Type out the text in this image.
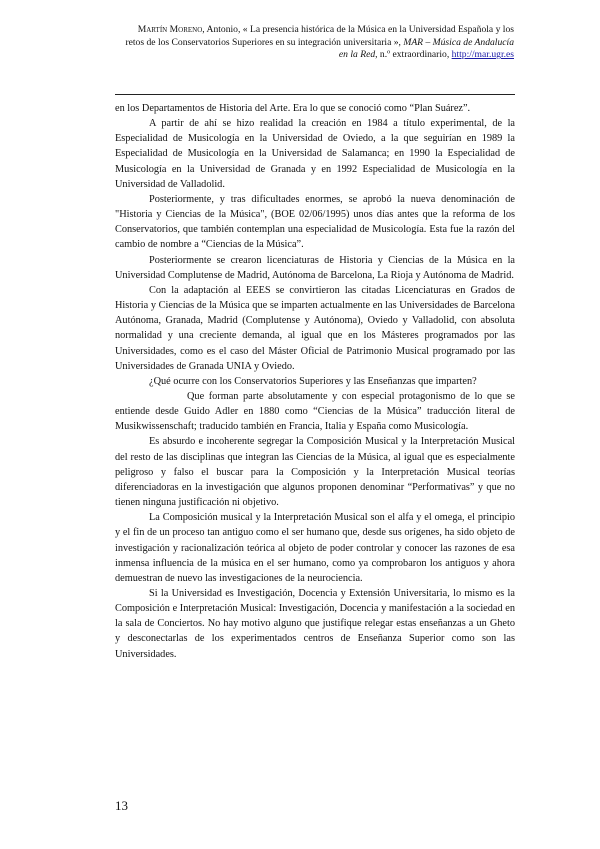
Martín Moreno, Antonio, « La presencia histórica de la Música en la Universidad Española y los retos de los Conservatorios Superiores en su integración universitaria », MAR – Música de Andalucía en la Red, n.º extraordinario, http://mar.ugr.es

en los Departamentos de Historia del Arte. Era lo que se conoció como “Plan Suárez”.

A partir de ahí se hizo realidad la creación en 1984 a título experimental, de la Especialidad de Musicología en la Universidad de Oviedo, a la que seguirían en 1989 la Especialidad de Musicología en la Universidad de Salamanca; en 1990 la Especialidad de Musicología en la Universidad de Granada y en 1992 Especialidad de Musicología en la Universidad de Valladolid.

Posteriormente, y tras dificultades enormes, se aprobó la nueva denominación de "Historia y Ciencias de la Música", (BOE 02/06/1995) unos días antes que la reforma de los Conservatorios, que también contemplan una especialidad de Musicología. Esta fue la razón del cambio de nombre a “Ciencias de la Música”.

Posteriormente se crearon licenciaturas de Historia y Ciencias de la Música en la Universidad Complutense de Madrid, Autónoma de Barcelona, La Rioja y Autónoma de Madrid.

Con la adaptación al EEES se convirtieron las citadas Licenciaturas en Grados de Historia y Ciencias de la Música que se imparten actualmente en las Universidades de Barcelona Autónoma, Granada, Madrid (Complutense y Autónoma), Oviedo y Valladolid, con absoluta normalidad y una creciente demanda, al igual que en los Másteres programados por las Universidades, como es el caso del Máster Oficial de Patrimonio Musical programado por las Universidades de Granada UNIA y Oviedo.

¿Qué ocurre con los Conservatorios Superiores y las Enseñanzas que imparten?

Que forman parte absolutamente y con especial protagonismo de lo que se entiende desde Guido Adler en 1880 como “Ciencias de la Música” traducción literal de Musikwissenschaft; traducido también en Francia, Italia y España como Musicología.

Es absurdo e incoherente segregar la Composición Musical y la Interpretación Musical del resto de las disciplinas que integran las Ciencias de la Música, al igual que es especialmente peligroso y falso el buscar para la Composición y la Interpretación Musical teorías diferenciadoras en la investigación que algunos proponen denominar “Performativas” y que no tienen ninguna justificación ni objetivo.

La Composición musical y la Interpretación Musical son el alfa y el omega, el principio y el fin de un proceso tan antiguo como el ser humano que, desde sus orígenes, ha sido objeto de investigación y racionalización teórica al objeto de poder controlar y conocer las razones de esa inmensa influencia de la música en el ser humano, como ya comprobaron los antiguos y ahora demuestran de nuevo las investigaciones de la neurociencia.

Si la Universidad es Investigación, Docencia y Extensión Universitaria, lo mismo es la Composición e Interpretación Musical: Investigación, Docencia y manifestación a la sociedad en la sala de Conciertos. No hay motivo alguno que justifique relegar estas enseñanzas a un Gheto y desconectarlas de los experimentados centros de Enseñanza Superior como son las Universidades.

13
